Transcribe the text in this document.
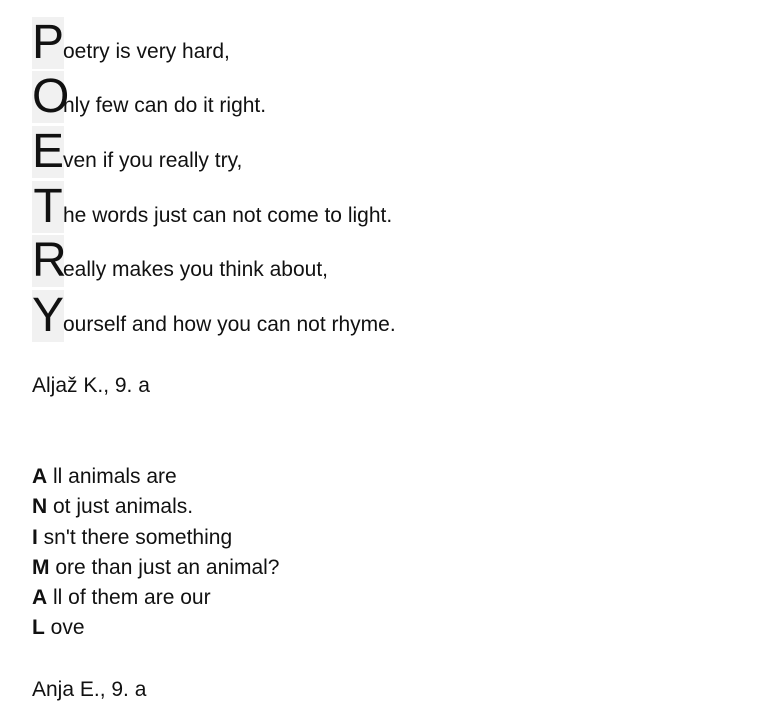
P
oetry is very hard,
O
nly few can do it right.
E
ven if you really try,
T he words just can not come to light.
R
eally makes you think about,
Y
ourself and how you can not rhyme.
Aljaž K., 9. a
A ll animals are
N ot just animals.
I sn't there something
M ore than just an animal?
A ll of them are our
L ove
Anja E., 9. a
